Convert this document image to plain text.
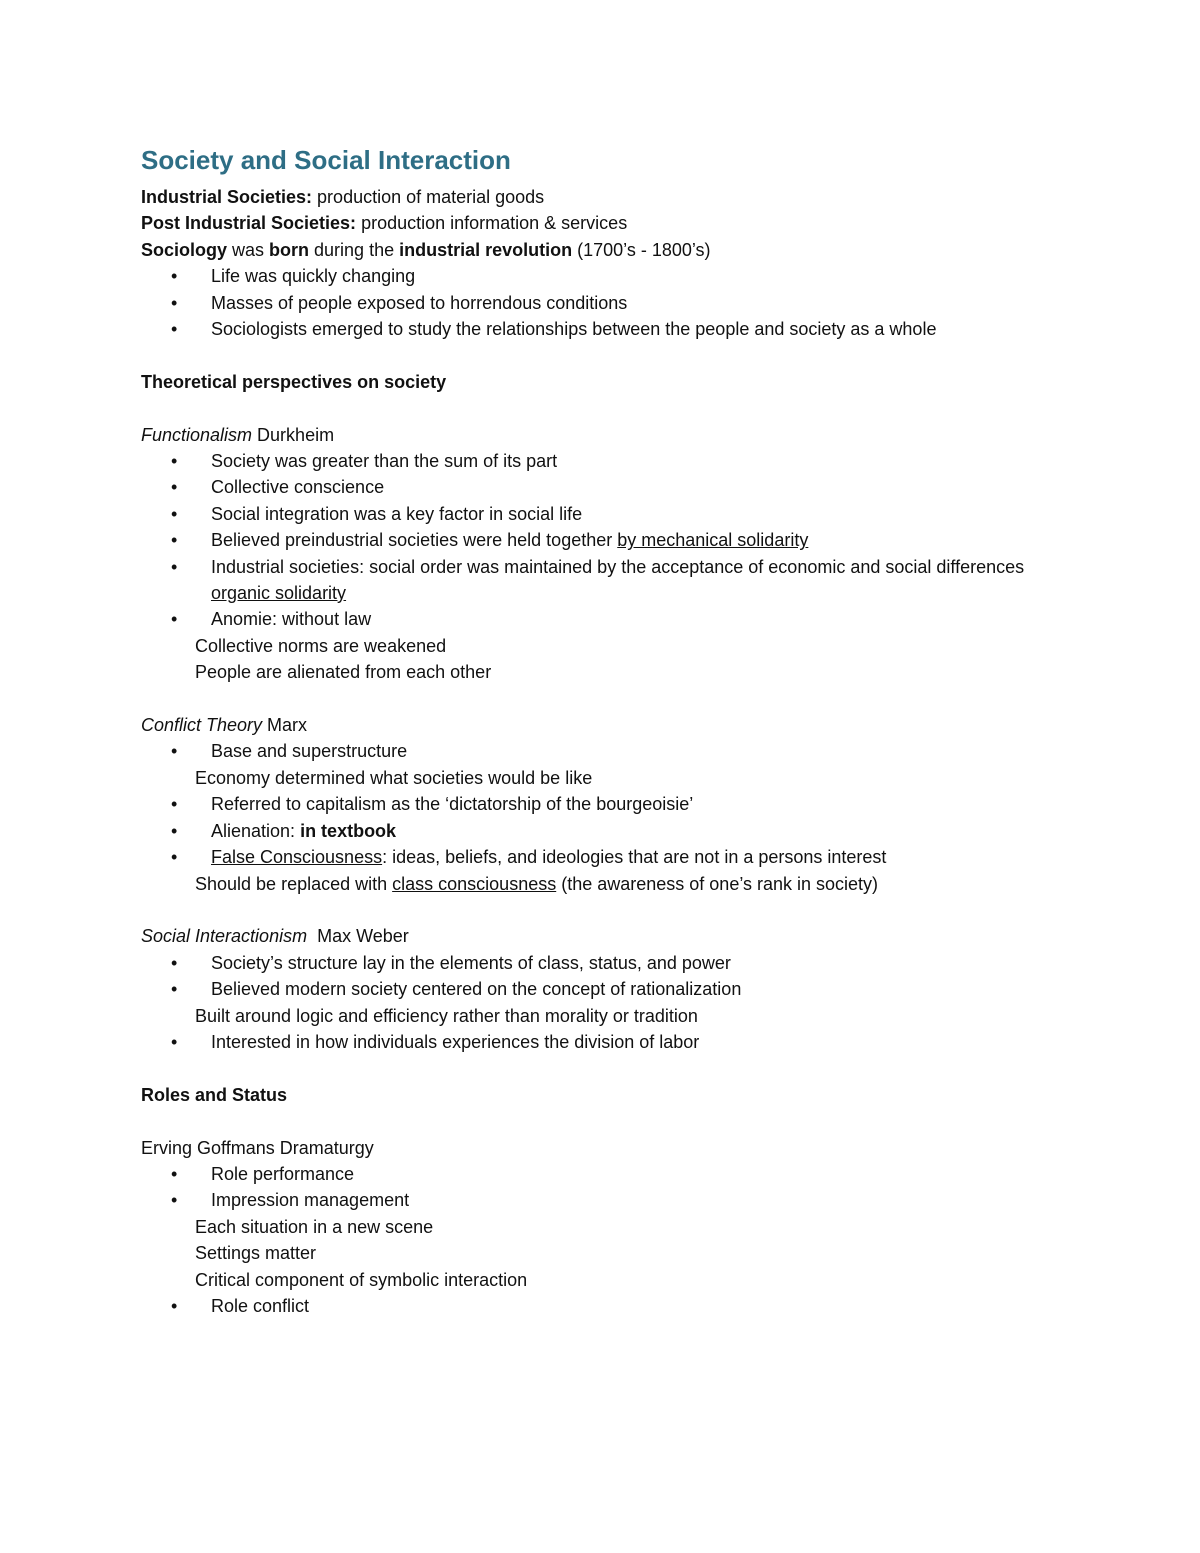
Society and Social Interaction

Industrial Societies: production of material goods

Post Industrial Societies: production information & services

Sociology was born during the industrial revolution (1700’s - 1800’s)

• Life was quickly changing
• Masses of people exposed to horrendous conditions
• Sociologists emerged to study the relationships between the people and society as a whole

Theoretical perspectives on society

Functionalism Durkheim

• Society was greater than the sum of its part
• Collective conscience
• Social integration was a key factor in social life
• Believed preindustrial societies were held together by mechanical solidarity
• Industrial societies: social order was maintained by the acceptance of economic and social differences organic solidarity
• Anomie: without law

Collective norms are weakened

People are alienated from each other

Conflict Theory Marx

• Base and superstructure

Economy determined what societies would be like

• Referred to capitalism as the ‘dictatorship of the bourgeoisie’
• Alienation: in textbook
• False Consciousness: ideas, beliefs, and ideologies that are not in a persons interest

Should be replaced with class consciousness (the awareness of one’s rank in society)

Social Interactionism  Max Weber

• Society’s structure lay in the elements of class, status, and power
• Believed modern society centered on the concept of rationalization

Built around logic and efficiency rather than morality or tradition

• Interested in how individuals experiences the division of labor

Roles and Status

Erving Goffmans Dramaturgy

• Role performance
• Impression management

Each situation in a new scene

Settings matter

Critical component of symbolic interaction

• Role conflict
